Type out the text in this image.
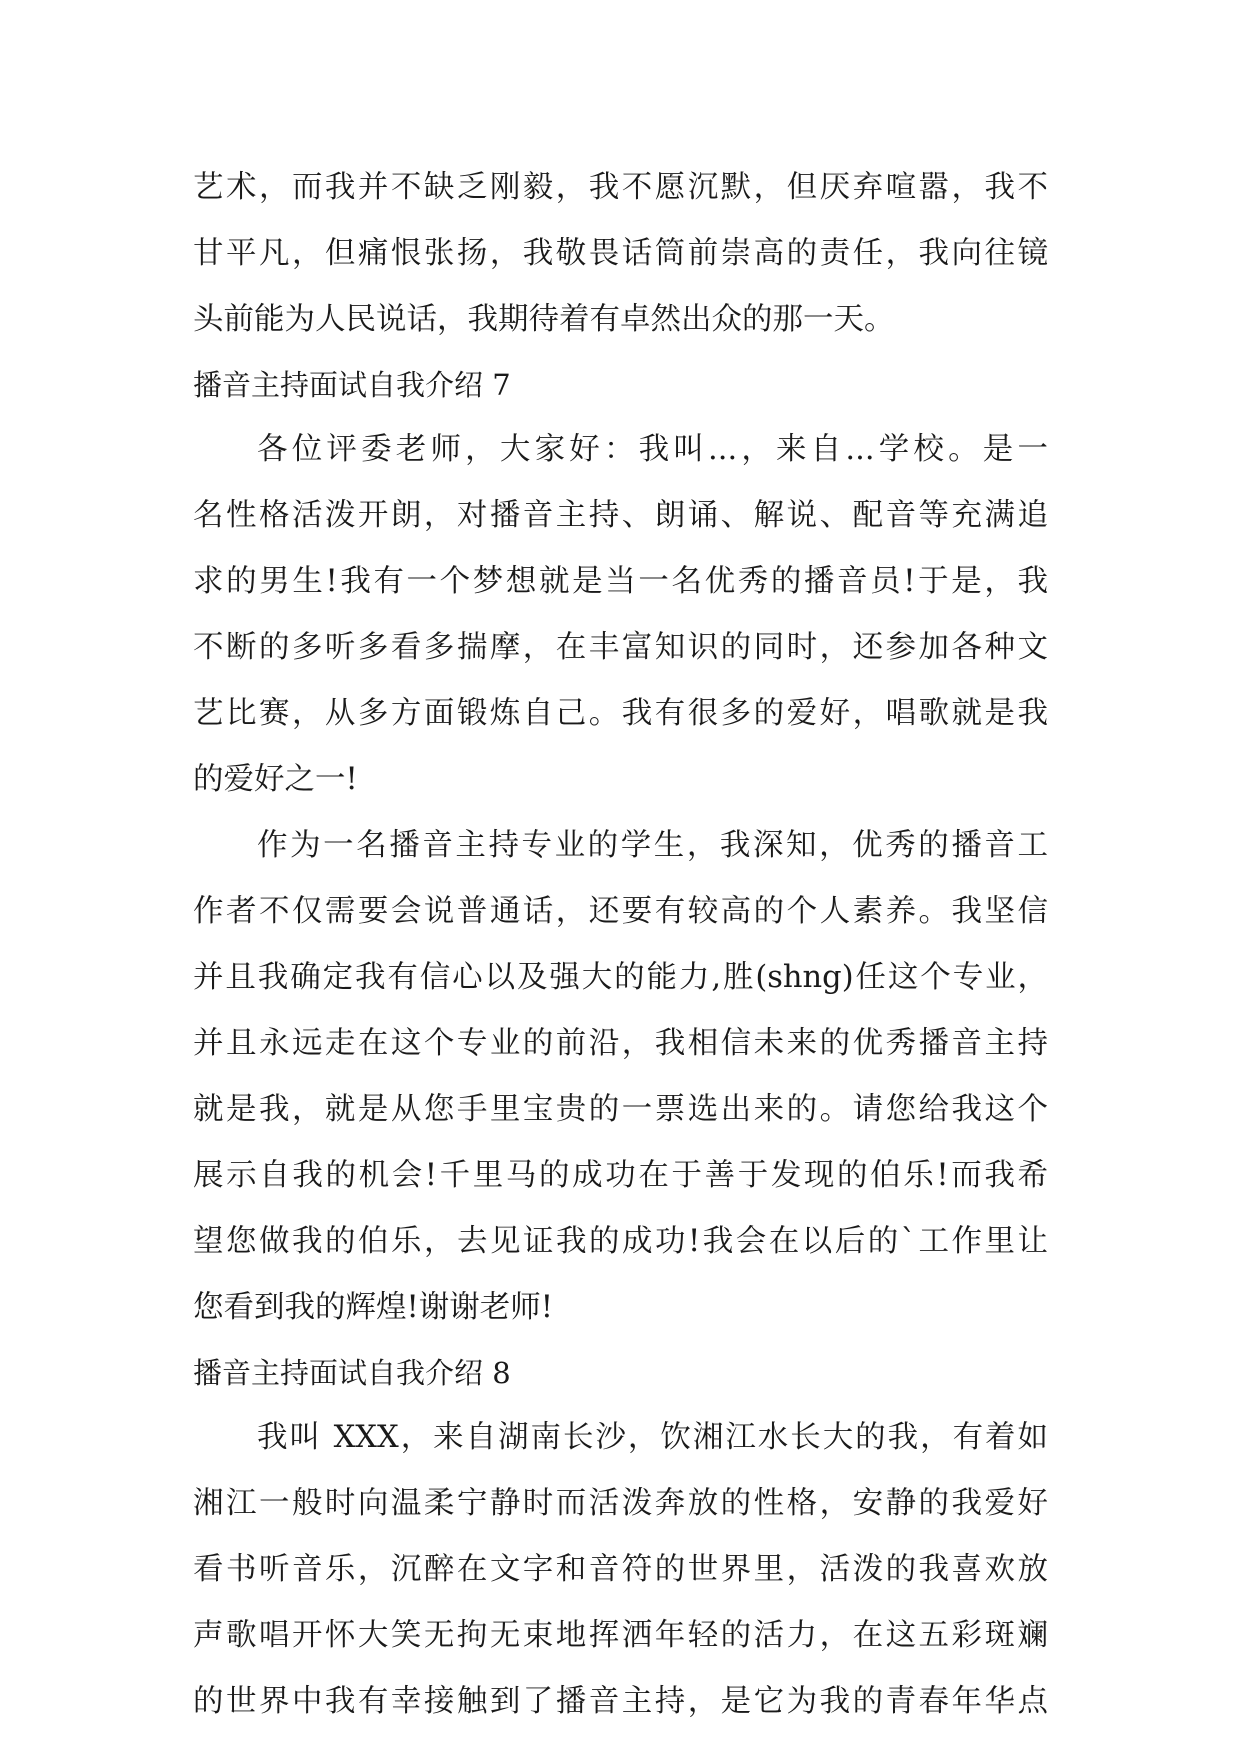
艺术，而我并不缺乏刚毅，我不愿沉默，但厌弃喧嚣，我不
甘平凡，但痛恨张扬，我敬畏话筒前崇高的责任，我向往镜
头前能为人民说话，我期待着有卓然出众的那一天。
播音主持面试自我介绍 7
各位评委老师，大家好：我叫...，来自...学校。是一
名性格活泼开朗，对播音主持、朗诵、解说、配音等充满追
求的男生!我有一个梦想就是当一名优秀的播音员!于是，我
不断的多听多看多揣摩，在丰富知识的同时，还参加各种文
艺比赛，从多方面锻炼自己。我有很多的爱好，唱歌就是我
的爱好之一!
作为一名播音主持专业的学生，我深知，优秀的播音工
作者不仅需要会说普通话，还要有较高的个人素养。我坚信
并且我确定我有信心以及强大的能力,胜(shng)任这个专业，
并且永远走在这个专业的前沿，我相信未来的优秀播音主持
就是我，就是从您手里宝贵的一票选出来的。请您给我这个
展示自我的机会!千里马的成功在于善于发现的伯乐!而我希
望您做我的伯乐，去见证我的成功!我会在以后的`工作里让
您看到我的辉煌!谢谢老师!
播音主持面试自我介绍 8
我叫 XXX，来自湖南长沙，饮湘江水长大的我，有着如
湘江一般时向温柔宁静时而活泼奔放的性格，安静的我爱好
看书听音乐，沉醉在文字和音符的世界里，活泼的我喜欢放
声歌唱开怀大笑无拘无束地挥洒年轻的活力，在这五彩斑斓
的世界中我有幸接触到了播音主持，是它为我的青春年华点
